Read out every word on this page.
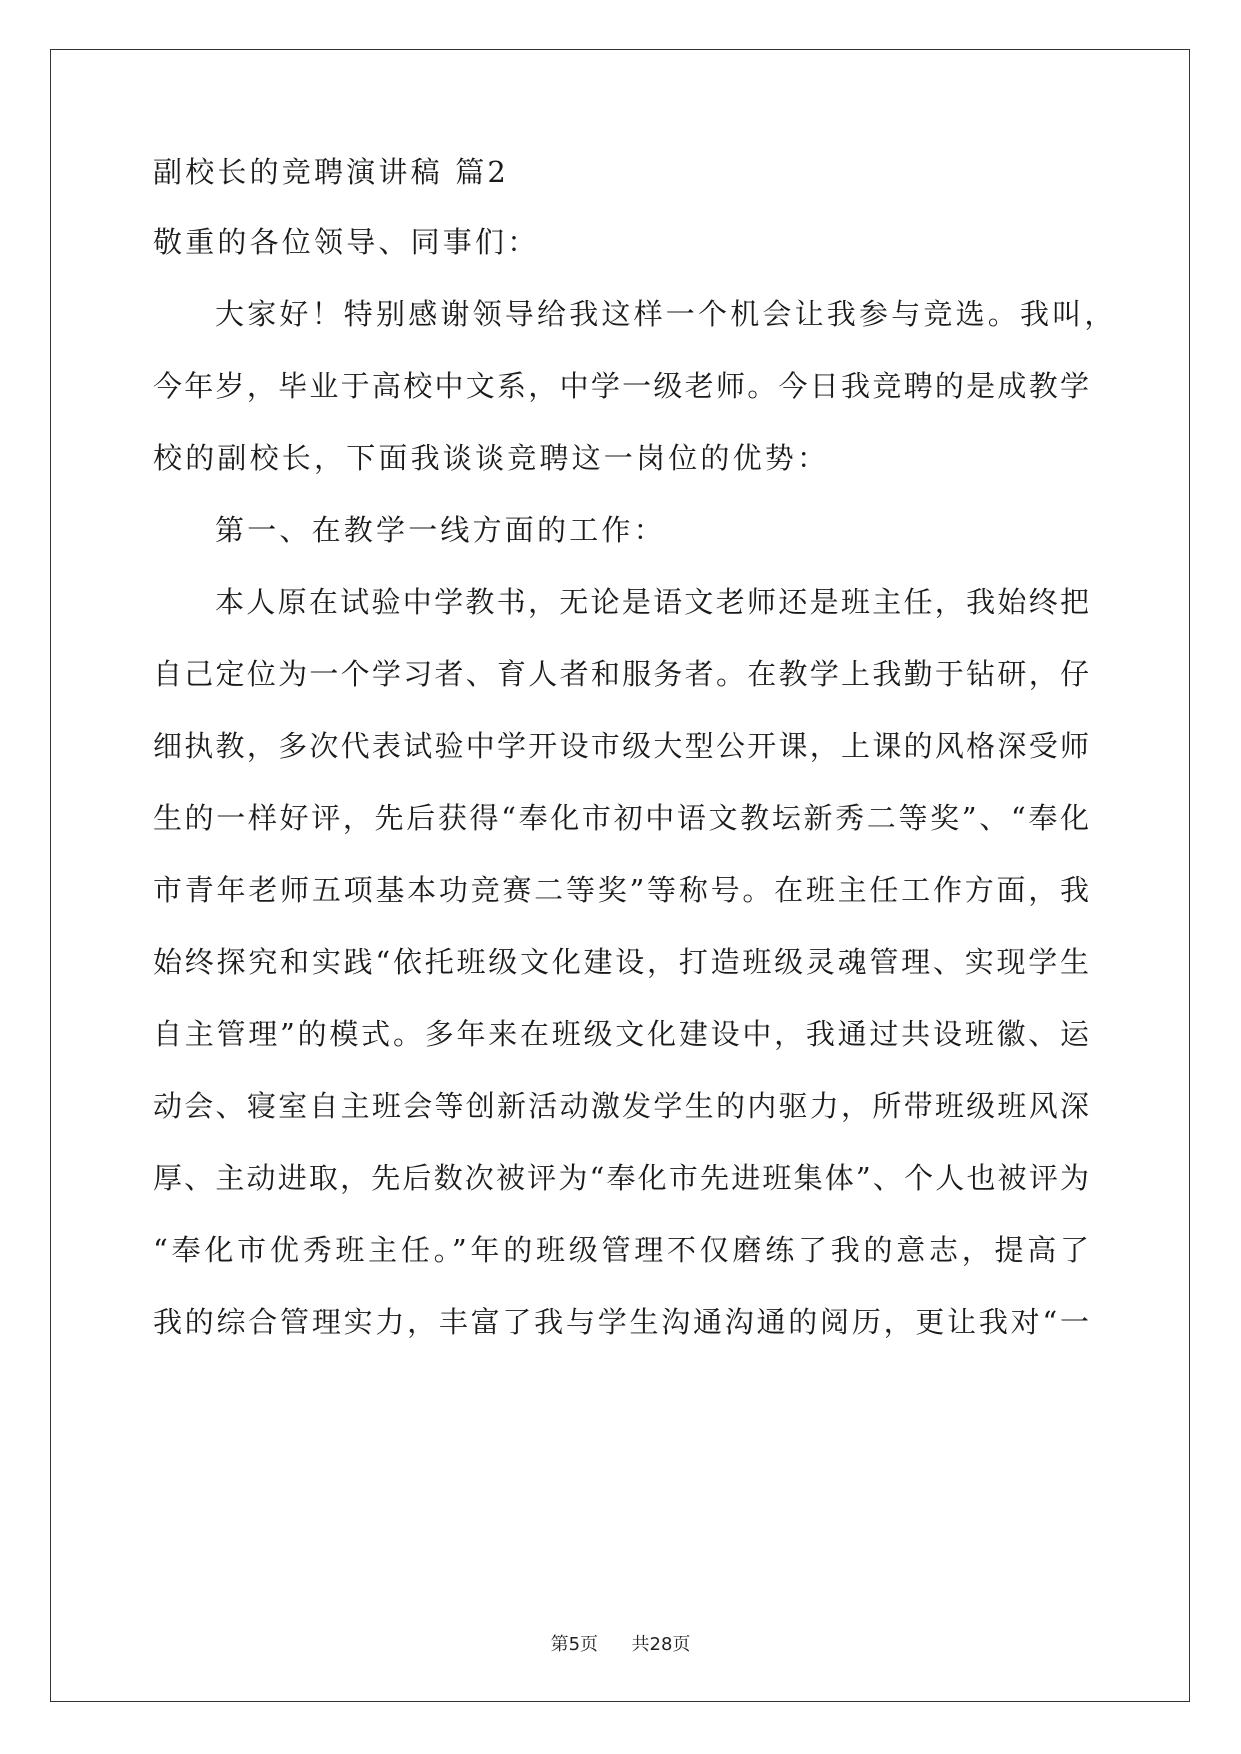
副校长的竞聘演讲稿 篇2
敬重的各位领导、同事们：
大家好！特别感谢领导给我这样一个机会让我参与竞选。我叫，
今年岁，毕业于高校中文系，中学一级老师。今日我竞聘的是成教学
校的副校长，下面我谈谈竞聘这一岗位的优势：
第一、在教学一线方面的工作：
本人原在试验中学教书，无论是语文老师还是班主任，我始终把
自己定位为一个学习者、育人者和服务者。在教学上我勤于钻研，仔
细执教，多次代表试验中学开设市级大型公开课，上课的风格深受师
生的一样好评，先后获得“奉化市初中语文教坛新秀二等奖”、“奉化
市青年老师五项基本功竞赛二等奖”等称号。在班主任工作方面，我
始终探究和实践“依托班级文化建设，打造班级灵魂管理、实现学生
自主管理”的模式。多年来在班级文化建设中，我通过共设班徽、运
动会、寝室自主班会等创新活动激发学生的内驱力，所带班级班风深
厚、主动进取，先后数次被评为“奉化市先进班集体”、个人也被评为
“奉化市优秀班主任。”年的班级管理不仅磨练了我的意志，提高了
我的综合管理实力，丰富了我与学生沟通沟通的阅历，更让我对“一
第5页 共28页
